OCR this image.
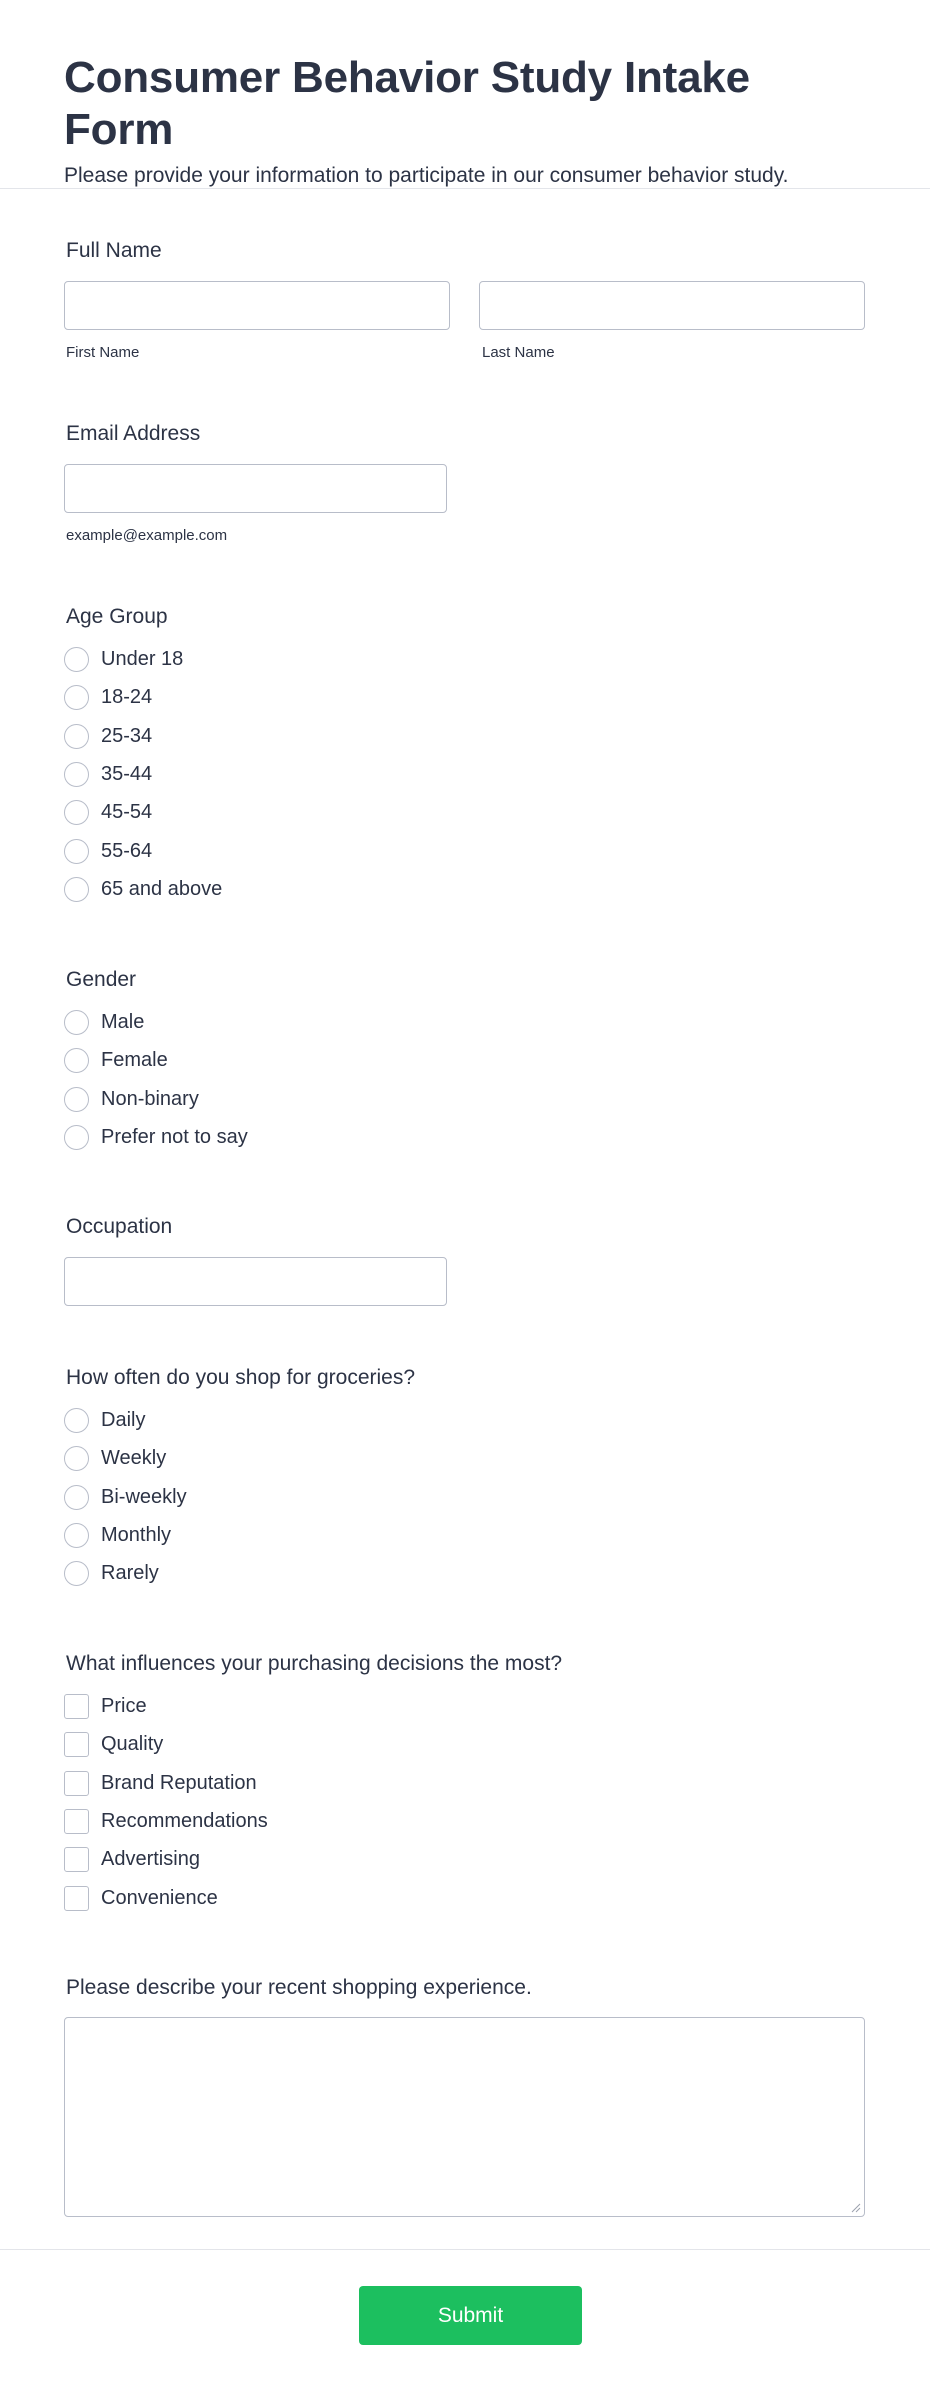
Consumer Behavior Study Intake Form

Please provide your information to participate in our consumer behavior study.

Full Name
First Name	Last Name
Email Address
example@example.com
Age Group
Under 18
18-24
25-34
35-44
45-54
55-64
65 and above
Gender
Male
Female
Non-binary
Prefer not to say
Occupation
How often do you shop for groceries?
Daily
Weekly
Bi-weekly
Monthly
Rarely
What influences your purchasing decisions the most?
Price
Quality
Brand Reputation
Recommendations
Advertising
Convenience
Please describe your recent shopping experience.
Submit
